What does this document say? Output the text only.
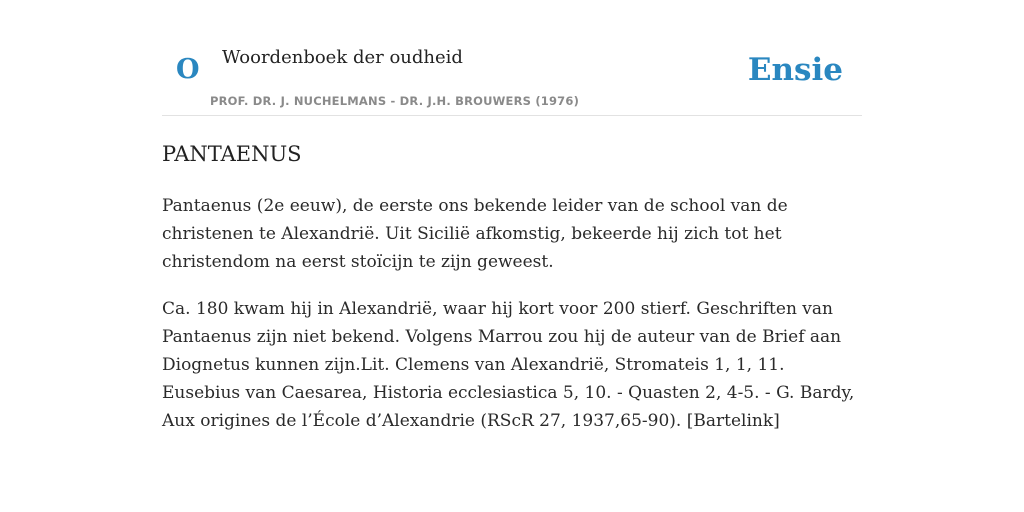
O Woordenboek der oudheid
PROF. DR. J. NUCHELMANS - DR. J.H. BROUWERS (1976)
Ensie
PANTAENUS

Pantaenus (2e eeuw), de eerste ons bekende leider van de school van de christenen te Alexandrië. Uit Sicilië afkomstig, bekeerde hij zich tot het christendom na eerst stoïcijn te zijn geweest.

Ca. 180 kwam hij in Alexandrië, waar hij kort voor 200 stierf. Geschriften van Pantaenus zijn niet bekend. Volgens Marrou zou hij de auteur van de Brief aan Diognetus kunnen zijn.Lit. Clemens van Alexandrië, Stromateis 1, 1, 11. Eusebius van Caesarea, Historia ecclesiastica 5, 10. - Quasten 2, 4-5. - G. Bardy, Aux origines de l’École d’Alexandrie (RScR 27, 1937,65-90). [Bartelink]
